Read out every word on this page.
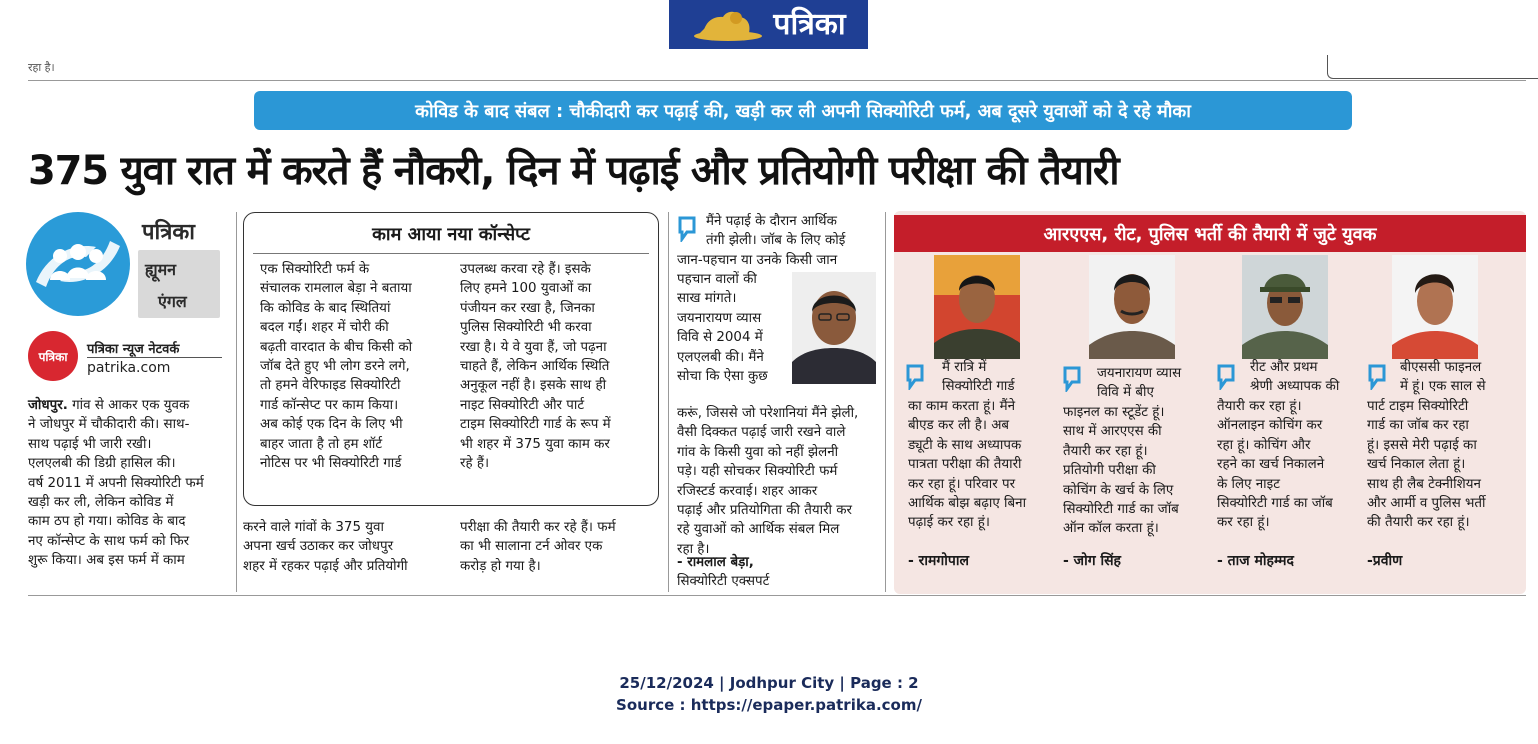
पत्रिका
रहा है।
कोविड के बाद संबल : चौकीदारी कर पढ़ाई की, खड़ी कर ली अपनी सिक्योरिटी फर्म, अब दूसरे युवाओं को दे रहे मौका
375 युवा रात में करते हैं नौकरी, दिन में पढ़ाई और प्रतियोगी परीक्षा की तैयारी
पत्रिका
ह्यूमन
एंगल
पत्रिका पत्रिका न्यूज नेटवर्क
patrika.com

जोधपुर. गांव से आकर एक युवक

ने जोधपुर में चौकीदारी की। साथ-

साथ पढ़ाई भी जारी रखी।

एलएलबी की डिग्री हासिल की।

वर्ष 2011 में अपनी सिक्योरिटी फर्म

खड़ी कर ली, लेकिन कोविड में

काम ठप हो गया। कोविड के बाद

नए कॉन्सेप्ट के साथ फर्म को फिर

शुरू किया। अब इस फर्म में काम

काम आया नया कॉन्सेप्ट

एक सिक्योरिटी फर्म के

संचालक रामलाल बेड़ा ने बताया

कि कोविड के बाद स्थितियां

बदल गईं। शहर में चोरी की

बढ़ती वारदात के बीच किसी को

जॉब देते हुए भी लोग डरने लगे,

तो हमने वेरिफाइड सिक्योरिटी

गार्ड कॉन्सेप्ट पर काम किया।

अब कोई एक दिन के लिए भी

बाहर जाता है तो हम शॉर्ट

नोटिस पर भी सिक्योरिटी गार्ड

उपलब्ध करवा रहे हैं। इसके

लिए हमने 100 युवाओं का

पंजीयन कर रखा है, जिनका

पुलिस सिक्योरिटी भी करवा

रखा है। ये वे युवा हैं, जो पढ़ना

चाहते हैं, लेकिन आर्थिक स्थिति

अनुकूल नहीं है। इसके साथ ही

नाइट सिक्योरिटी और पार्ट

टाइम सिक्योरिटी गार्ड के रूप में

भी शहर में 375 युवा काम कर

रहे हैं।

करने वाले गांवों के 375 युवा

अपना खर्च उठाकर कर जोधपुर

शहर में रहकर पढ़ाई और प्रतियोगी

परीक्षा की तैयारी कर रहे हैं। फर्म

का भी सालाना टर्न ओवर एक

करोड़ हो गया है।

मैंने पढ़ाई के दौरान आर्थिक

तंगी झेली। जॉब के लिए कोई

जान-पहचान या उनके किसी जान

पहचान वालों की

साख मांगते।

जयनारायण व्यास

विवि से 2004 में

एलएलबी की। मैंने

सोचा कि ऐसा कुछ

करूं, जिससे जो परेशानियां मैंने झेली,

वैसी दिक्कत पढ़ाई जारी रखने वाले

गांव के किसी युवा को नहीं झेलनी

पड़े। यही सोचकर सिक्योरिटी फर्म

रजिस्टर्ड करवाई। शहर आकर

पढ़ाई और प्रतियोगिता की तैयारी कर

रहे युवाओं को आर्थिक संबल मिल

रहा है।

- रामलाल बेड़ा,

सिक्योरिटी एक्सपर्ट

आरएएस, रीट, पुलिस भर्ती की तैयारी में जुटे युवक

मैं रात्रि में

सिक्योरिटी गार्ड

का काम करता हूं। मैंने

बीएड कर ली है। अब

ड्यूटी के साथ अध्यापक

पात्रता परीक्षा की तैयारी

कर रहा हूं। परिवार पर

आर्थिक बोझ बढ़ाए बिना

पढ़ाई कर रहा हूं।

- रामगोपाल

जयनारायण व्यास

विवि में बीए

फाइनल का स्टूडेंट हूं।

साथ में आरएएस की

तैयारी कर रहा हूं।

प्रतियोगी परीक्षा की

कोचिंग के खर्च के लिए

सिक्योरिटी गार्ड का जॉब

ऑन कॉल करता हूं।

- जोग सिंह

रीट और प्रथम

श्रेणी अध्यापक की

तैयारी कर रहा हूं।

ऑनलाइन कोचिंग कर

रहा हूं। कोचिंग और

रहने का खर्च निकालने

के लिए नाइट

सिक्योरिटी गार्ड का जॉब

कर रहा हूं।

- ताज मोहम्मद

बीएससी फाइनल

में हूं। एक साल से

पार्ट टाइम सिक्योरिटी

गार्ड का जॉब कर रहा

हूं। इससे मेरी पढ़ाई का

खर्च निकाल लेता हूं।

साथ ही लैब टेक्नीशियन

और आर्मी व पुलिस भर्ती

की तैयारी कर रहा हूं।

-प्रवीण
25/12/2024 | Jodhpur City | Page : 2
Source : https://epaper.patrika.com/
